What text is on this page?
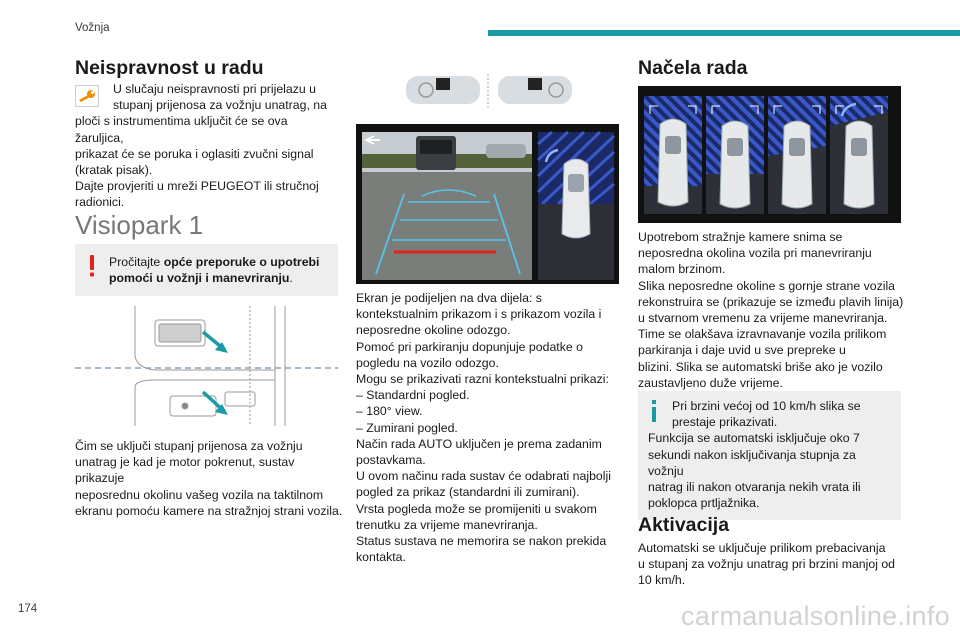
Vožnja
174	carmanualsonline.info
Neispravnost u radu

U slučaju neispravnosti pri prijelazu u

stupanj prijenosa za vožnju unatrag, na

ploči s instrumentima uključit će se ova žaruljica,

prikazat će se poruka i oglasiti zvučni signal

(kratak pisak).

Dajte provjeriti u mreži PEUGEOT ili stručnoj

radionici.

Visiopark 1

Pročitajte opće preporuke o upotrebi

pomoći u vožnji i manevriranju.

Čim se uključi stupanj prijenosa za vožnju

unatrag je kad je motor pokrenut, sustav prikazuje

neposrednu okolinu vašeg vozila na taktilnom

ekranu pomoću kamere na stražnjoj strani vozila.

Ekran je podijeljen na dva dijela: s

kontekstualnim prikazom i s prikazom vozila i

neposredne okoline odozgo.

Pomoć pri parkiranju dopunjuje podatke o

pogledu na vozilo odozgo.

Mogu se prikazivati razni kontekstualni prikazi:

– Standardni pogled.

– 180° view.

– Zumirani pogled.

Način rada AUTO uključen je prema zadanim

postavkama.

U ovom načinu rada sustav će odabrati najbolji

pogled za prikaz (standardni ili zumirani).

Vrsta pogleda može se promijeniti u svakom

trenutku za vrijeme manevriranja.

Status sustava ne memorira se nakon prekida

kontakta.

Načela rada

Upotrebom stražnje kamere snima se

neposredna okolina vozila pri manevriranju

malom brzinom.

Slika neposredne okoline s gornje strane vozila

rekonstruira se (prikazuje se između plavih linija)

u stvarnom vremenu za vrijeme manevriranja.

Time se olakšava izravnavanje vozila prilikom

parkiranja i daje uvid u sve prepreke u

blizini. Slika se automatski briše ako je vozilo

zaustavljeno duže vrijeme.

Pri brzini većoj od 10 km/h slika se

prestaje prikazivati.

Funkcija se automatski isključuje oko 7

sekundi nakon isključivanja stupnja za vožnju

natrag ili nakon otvaranja nekih vrata ili

poklopca prtljažnika.

Aktivacija

Automatski se uključuje prilikom prebacivanja

u stupanj za vožnju unatrag pri brzini manjoj od

10 km/h.
